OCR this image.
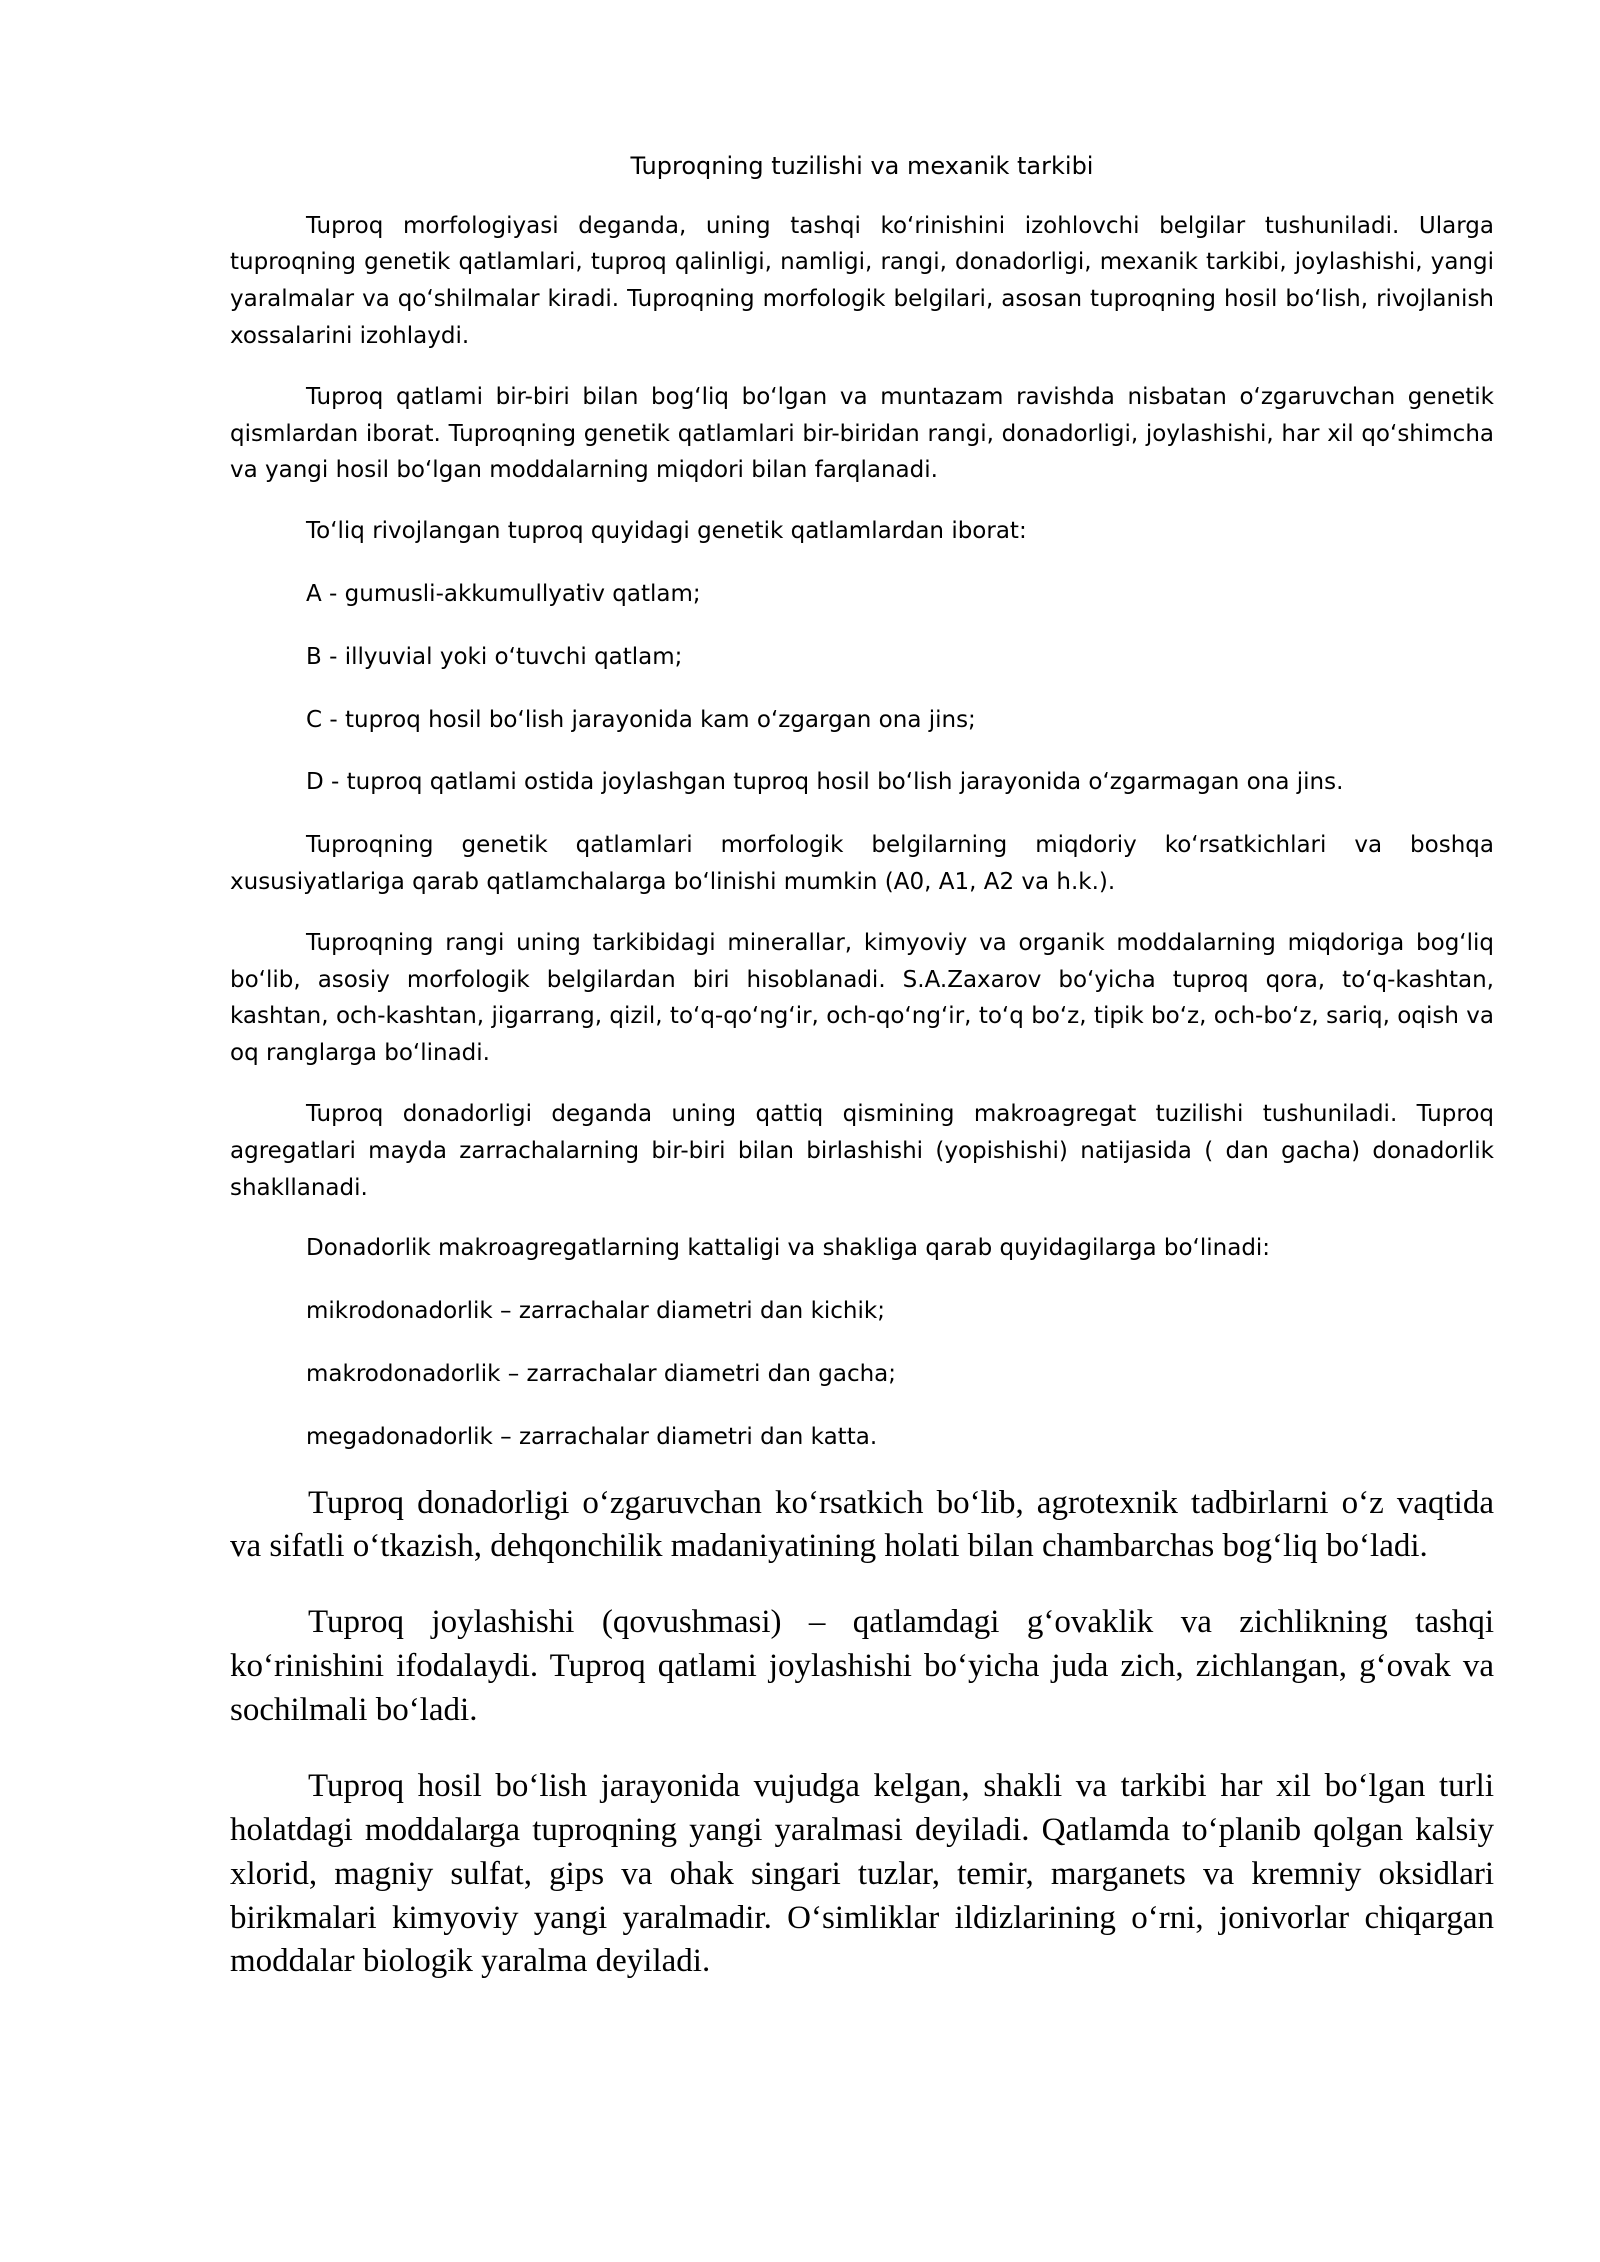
Tuproqning tuzilishi va mexanik tarkibi

Tuproq morfologiyasi deganda, uning tashqi ko‘rinishini izohlovchi belgilar tushuniladi. Ularga tuproqning genetik qatlamlari, tuproq qalinligi, namligi, rangi, donadorligi, mexanik tarkibi, joylashishi, yangi yaralmalar va qo‘shilmalar kiradi. Tuproqning morfologik belgilari, asosan tuproqning hosil bo‘lish, rivojlanish xossalarini izohlaydi.

Tuproq qatlami bir-biri bilan bog‘liq bo‘lgan va muntazam ravishda nisbatan o‘zgaruvchan genetik qismlardan iborat. Tuproqning genetik qatlamlari bir-biridan rangi, donadorligi, joylashishi, har xil qo‘shimcha va yangi hosil bo‘lgan moddalarning miqdori bilan farqlanadi.

To‘liq rivojlangan tuproq quyidagi genetik qatlamlardan iborat:
A - gumusli-akkumullyativ qatlam;
B - illyuvial yoki o‘tuvchi qatlam;
C - tuproq hosil bo‘lish jarayonida kam o‘zgargan ona jins;
D - tuproq qatlami ostida joylashgan tuproq hosil bo‘lish jarayonida o‘zgarmagan ona jins.

Tuproqning genetik qatlamlari morfologik belgilarning miqdoriy ko‘rsatkichlari va boshqa xususiyatlariga qarab qatlamchalarga bo‘linishi mumkin (A0, A1, A2 va h.k.).

Tuproqning rangi uning tarkibidagi minerallar, kimyoviy va organik moddalarning miqdoriga bog‘liq bo‘lib, asosiy morfologik belgilardan biri hisoblanadi. S.A.Zaxarov bo‘yicha tuproq qora, to‘q-kashtan, kashtan, och-kashtan, jigarrang, qizil, to‘q-qo‘ng‘ir, och-qo‘ng‘ir, to‘q bo‘z, tipik bo‘z, och-bo‘z, sariq, oqish va oq ranglarga bo‘linadi.

Tuproq donadorligi deganda uning qattiq qismining makroagregat tuzilishi tushuniladi. Tuproq agregatlari mayda zarrachalarning bir-biri bilan birlashishi (yopishishi) natijasida ( dan gacha) donadorlik shakllanadi.

Donadorlik makroagregatlarning kattaligi va shakliga qarab quyidagilarga bo‘linadi:
mikrodonadorlik – zarrachalar diametri dan kichik;
makrodonadorlik – zarrachalar diametri dan gacha;
megadonadorlik – zarrachalar diametri dan katta.

Tuproq donadorligi o‘zgaruvchan ko‘rsatkich bo‘lib, agrotexnik tadbirlarni o‘z vaqtida va sifatli o‘tkazish, dehqonchilik madaniyatining holati bilan chambarchas bog‘liq bo‘ladi.

Tuproq joylashishi (qovushmasi) – qatlamdagi g‘ovaklik va zichlikning tashqi ko‘rinishini ifodalaydi. Tuproq qatlami joylashishi bo‘yicha juda zich, zichlangan, g‘ovak va sochilmali bo‘ladi.

Tuproq hosil bo‘lish jarayonida vujudga kelgan, shakli va tarkibi har xil bo‘lgan turli holatdagi moddalarga tuproqning yangi yaralmasi deyiladi. Qatlamda to‘planib qolgan kalsiy xlorid, magniy sulfat, gips va ohak singari tuzlar, temir, marganets va kremniy oksidlari birikmalari kimyoviy yangi yaralmadir. O‘simliklar ildizlarining o‘rni, jonivorlar chiqargan moddalar biologik yaralma deyiladi.
